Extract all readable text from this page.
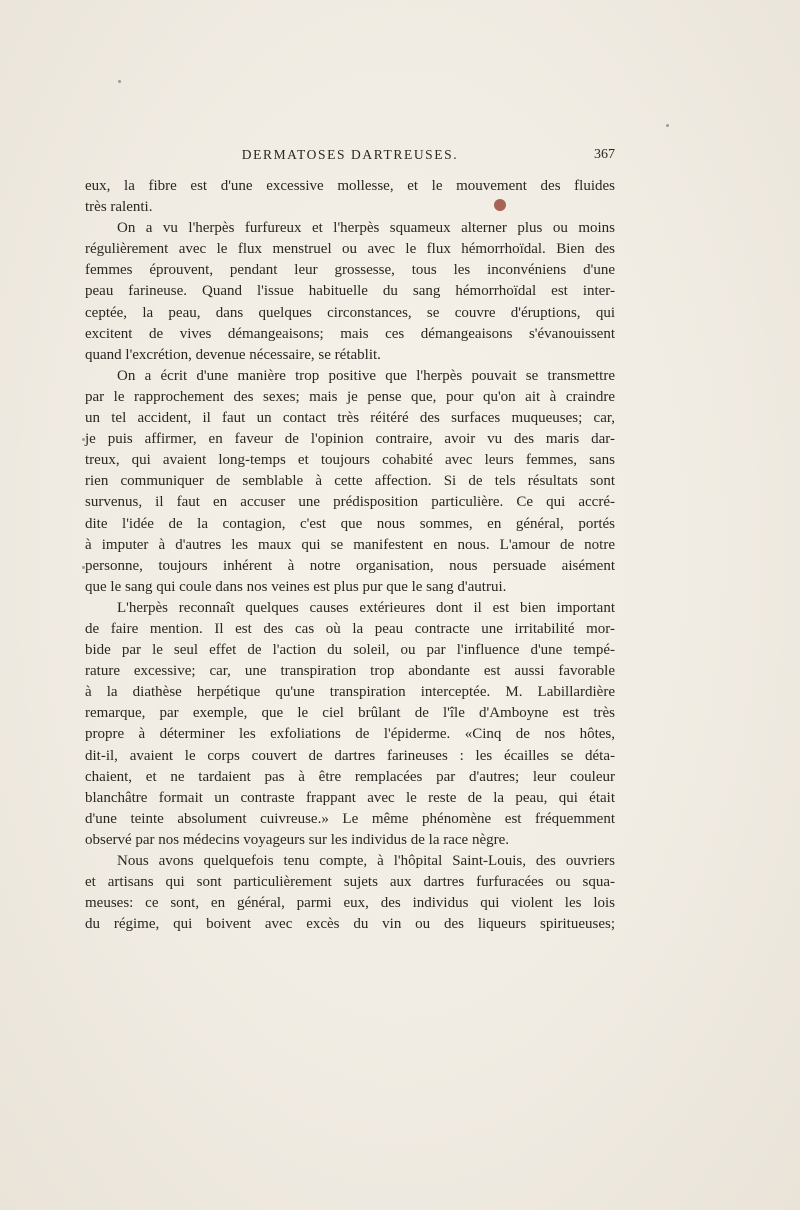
DERMATOSES DARTREUSES.	367
eux, la fibre est d'une excessive mollesse, et le mouvement des fluides
très ralenti.
On a vu l'herpès furfureux et l'herpès squameux alterner plus ou moins
régulièrement avec le flux menstruel ou avec le flux hémorrhoïdal. Bien des
femmes éprouvent, pendant leur grossesse, tous les inconvéniens d'une
peau farineuse. Quand l'issue habituelle du sang hémorrhoïdal est inter-
ceptée, la peau, dans quelques circonstances, se couvre d'éruptions, qui
excitent de vives démangeaisons; mais ces démangeaisons s'évanouissent
quand l'excrétion, devenue nécessaire, se rétablit.
On a écrit d'une manière trop positive que l'herpès pouvait se transmettre
par le rapprochement des sexes; mais je pense que, pour qu'on ait à craindre
un tel accident, il faut un contact très réitéré des surfaces muqueuses; car,
je puis affirmer, en faveur de l'opinion contraire, avoir vu des maris dar-
treux, qui avaient long-temps et toujours cohabité avec leurs femmes, sans
rien communiquer de semblable à cette affection. Si de tels résultats sont
survenus, il faut en accuser une prédisposition particulière. Ce qui accré-
dite l'idée de la contagion, c'est que nous sommes, en général, portés
à imputer à d'autres les maux qui se manifestent en nous. L'amour de notre
personne, toujours inhérent à notre organisation, nous persuade aisément
que le sang qui coule dans nos veines est plus pur que le sang d'autrui.
L'herpès reconnaît quelques causes extérieures dont il est bien important
de faire mention. Il est des cas où la peau contracte une irritabilité mor-
bide par le seul effet de l'action du soleil, ou par l'influence d'une tempé-
rature excessive; car, une transpiration trop abondante est aussi favorable
à la diathèse herpétique qu'une transpiration interceptée. M. Labillardière
remarque, par exemple, que le ciel brûlant de l'île d'Amboyne est très
propre à déterminer les exfoliations de l'épiderme. «Cinq de nos hôtes,
dit-il, avaient le corps couvert de dartres farineuses : les écailles se déta-
chaient, et ne tardaient pas à être remplacées par d'autres; leur couleur
blanchâtre formait un contraste frappant avec le reste de la peau, qui était
d'une teinte absolument cuivreuse.» Le même phénomène est fréquemment
observé par nos médecins voyageurs sur les individus de la race nègre.
Nous avons quelquefois tenu compte, à l'hôpital Saint-Louis, des ouvriers
et artisans qui sont particulièrement sujets aux dartres furfuracées ou squa-
meuses: ce sont, en général, parmi eux, des individus qui violent les lois
du régime, qui boivent avec excès du vin ou des liqueurs spiritueuses;
